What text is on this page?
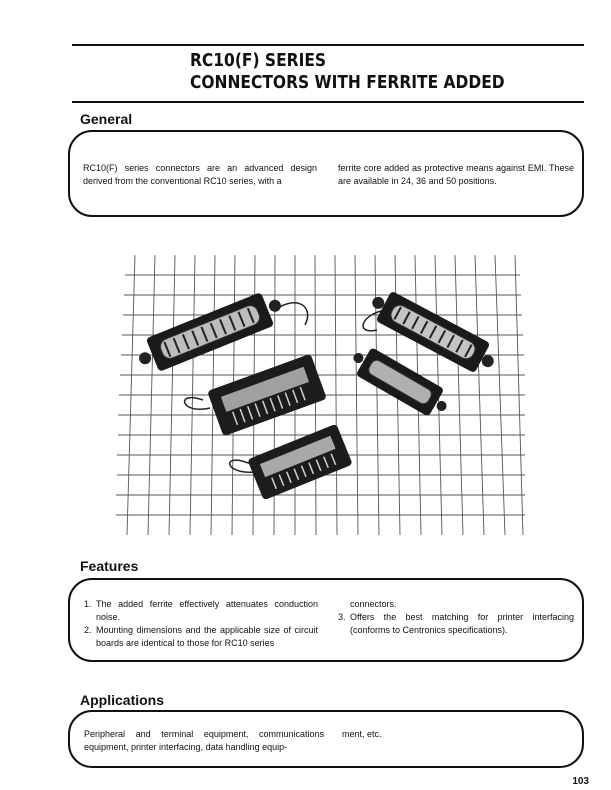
RC10(F) SERIES
CONNECTORS WITH FERRITE ADDED
General
RC10(F) series connectors are an advanced design derived from the conventional RC10 series, with a
ferrite core added as protective means against EMI. These are available in 24, 36 and 50 positions.
Features
1. The added ferrite effectively attenuates conduction noise.
2. Mounting dimensions and the applicable size of circuit boards are identical to those for RC10 series
connectors.
3. Offers the best matching for printer interfacing (conforms to Centronics specifications).
Applications
Peripheral and terminal equipment, communications equipment, printer interfacing, data handling equip-
ment, etc.
103
